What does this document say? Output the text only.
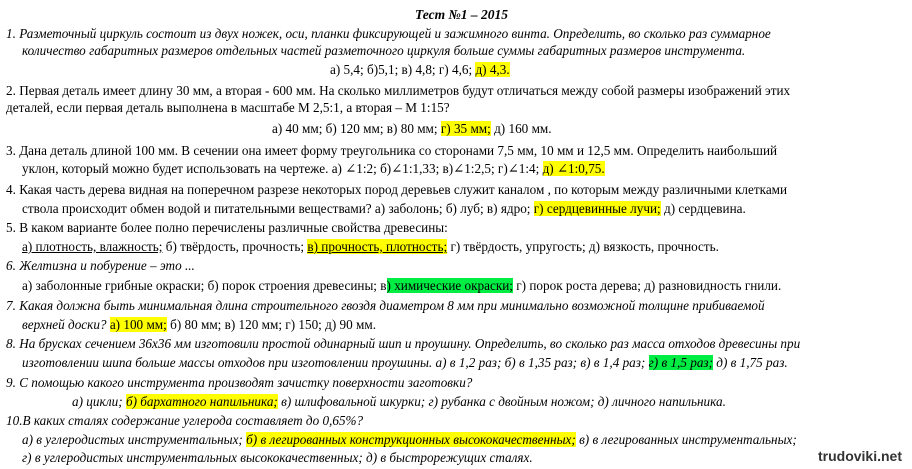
Тест №1 – 2015
1. Разметочный циркуль состоит из двух ножек, оси, планки фиксирующей и зажимного винта. Определить, во сколько раз суммарное
количество габаритных размеров отдельных частей разметочного циркуля больше суммы габаритных размеров инструмента.
а) 5,4; б)5,1; в) 4,8; г) 4,6; д) 4,3.
2. Первая деталь имеет длину 30 мм, а вторая - 600 мм. На сколько миллиметров будут отличаться между собой размеры изображений этих
деталей, если первая деталь выполнена в масштабе М 2,5:1, а вторая – М 1:15?
а) 40 мм; б) 120 мм; в) 80 мм; г) 35 мм; д) 160 мм.
3. Дана деталь длиной 100 мм. В сечении она имеет форму треугольника со сторонами 7,5 мм, 10 мм и 12,5 мм. Определить наибольший
уклон, который можно будет использовать на чертеже. а) ∠1:2; б)∠1:1,33; в)∠1:2,5; г)∠1:4; д) ∠1:0,75.
4. Какая часть дерева видная на поперечном разрезе некоторых пород деревьев служит каналом , по которым между различными клетками
ствола происходит обмен водой и питательными веществами? а) заболонь; б) луб; в) ядро; г) сердцевинные лучи; д) сердцевина.
5. В каком варианте более полно перечислены различные свойства древесины:
а) плотность, влажность; б) твёрдость, прочность; в) прочность, плотность; г) твёрдость, упругость; д) вязкость, прочность.
6. Желтизна и побурение – это ...
а) заболонные грибные окраски; б) порок строения древесины; в) химические окраски; г) порок роста дерева; д) разновидность гнили.
7. Какая должна быть минимальная длина строительного гвоздя диаметром 8 мм при минимально возможной толщине прибиваемой
верхней доски? а) 100 мм; б) 80 мм; в) 120 мм; г) 150; д) 90 мм.
8. На брусках сечением 36х36 мм изготовили простой одинарный шип и проушину. Определить, во сколько раз масса отходов древесины при
изготовлении шипа больше массы отходов при изготовлении проушины. а) в 1,2 раз; б) в 1,35 раз; в) в 1,4 раз; г) в 1,5 раз; д) в 1,75 раз.
9. С помощью какого инструмента производят зачистку поверхности заготовки?
а) цикли; б) бархатного напильника; в) шлифовальной шкурки; г) рубанка с двойным ножом; д) личного напильника.
10.В каких сталях содержание углерода составляет до 0,65%?
а) в углеродистых инструментальных; б) в легированных конструкционных высококачественных; в) в легированных инструментальных;
г) в углеродистых инструментальных высококачественных; д) в быстрорежущих сталях.	trudoviki.net
